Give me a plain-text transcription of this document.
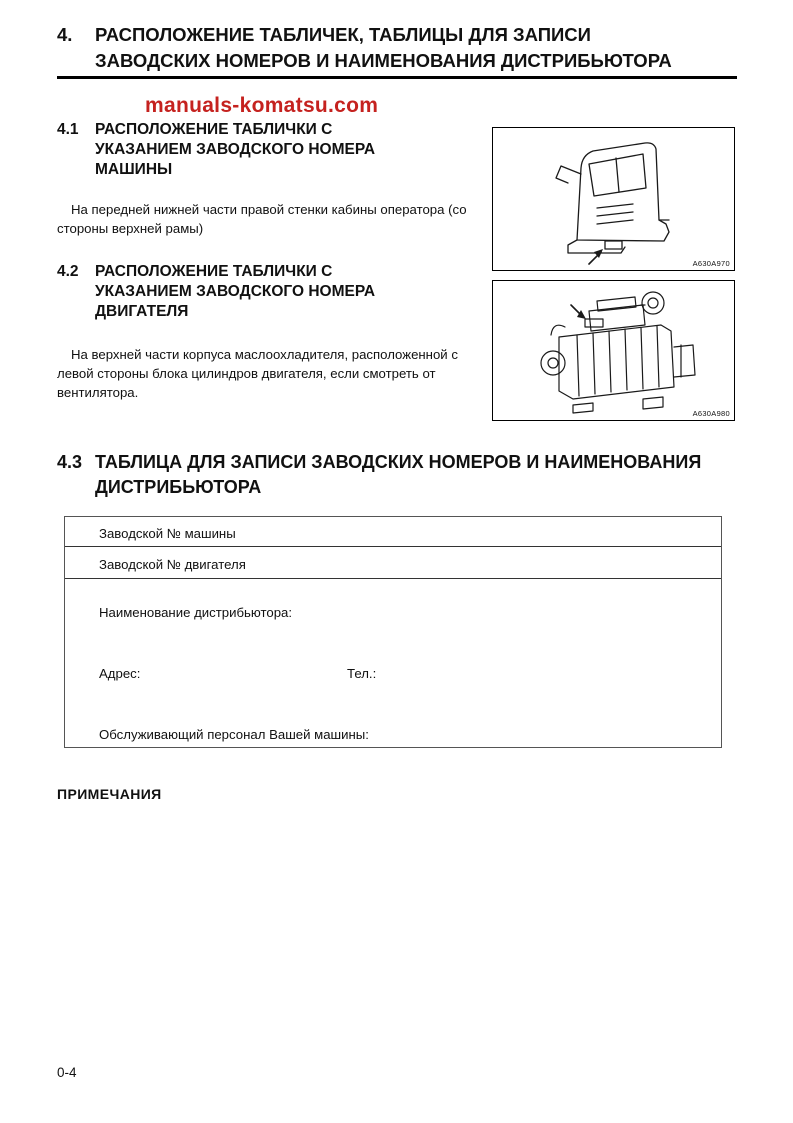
4.	РАСПОЛОЖЕНИЕ ТАБЛИЧЕК, ТАБЛИЦЫ ДЛЯ ЗАПИСИ
ЗАВОДСКИХ НОМЕРОВ И НАИМЕНОВАНИЯ ДИСТРИБЬЮТОРА
manuals-komatsu.com
4.1	РАСПОЛОЖЕНИЕ ТАБЛИЧКИ С
УКАЗАНИЕМ ЗАВОДСКОГО НОМЕРА
МАШИНЫ

На передней нижней части правой стенки кабины оператора (со стороны верхней рамы)

A630A970
4.2	РАСПОЛОЖЕНИЕ ТАБЛИЧКИ С
УКАЗАНИЕМ ЗАВОДСКОГО НОМЕРА
ДВИГАТЕЛЯ

На верхней части корпуса маслоохладителя, расположенной с левой стороны блока цилиндров двигателя, если смотреть от вентилятора.

A630A980
4.3 ТАБЛИЦА ДЛЯ ЗАПИСИ ЗАВОДСКИХ НОМЕРОВ И НАИМЕНОВАНИЯ
ДИСТРИБЬЮТОРА
Заводской № машины
Заводской № двигателя
Наименование дистрибьютора:
Адрес:	Тел.:
Обслуживающий персонал Вашей машины:
ПРИМЕЧАНИЯ
0-4
